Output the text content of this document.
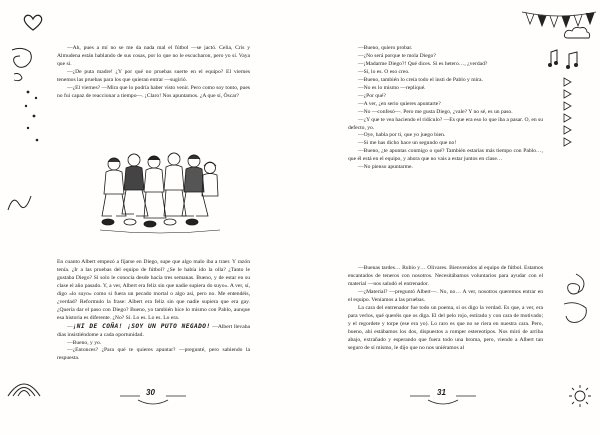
—Ah, pues a mí no se me da nada mal el fútbol —se jactó. Celia, Cris y Almudena están hablando de sus cosas, por lo que no le escucharon, pero yo sí. Vaya que sí.

—¿De puta madre! ¿Y por qué no pruebas suerte en el equipo? El viernes tenemos las pruebas para los que quieran entrar —sugirió.

—¿El viernes? —Mira que lo podría haber visto venir. Pero como soy tonto, pues no fui capaz de reaccionar a tiempo—. ¡Claro! Nos apuntamos. ¿A que sí, Óscar?

En cuanto Albert empezó a fijarse en Diego, supe que algo malo iba a traer. Y razón tenía. ¿Ir a las pruebas del equipo de fútbol? ¿Se le había ido la olla? ¿Tanto le gustaba Diego? Si solo le conocía desde hacía tres semanas. Bueno, y de estar en su clase el año pasado. Y, a ver, Albert era feliz sin que nadie supiera do suyo». A ver, sí, digo «lo suyo» como si fuera un pecado mortal o algo así, pero no. Me entendéis, ¿verdad? Reformulo la frase: Albert era feliz sin que nadie supiera que era gay. ¿Quería dar el paso con Diego? Bueno, yo también hice lo mismo con Pablo, aunque esa historia es diferente. ¿No? Sí. Lo es. Lo es. Lo era.

—¡NI DE COÑA! ¡SOY UN PUTO NEGADO! —Albert llevaba días insistiéndome a cada oportunidad.

—Bueno, y yo.

—¿Entonces? ¿Para qué te quieres apuntar? —pregunté, pero sabiendo la respuesta.

30

—Bueno, quiero probar.

—¿No será porque te mola Diego?

—¡Madarme Diego?! Qué dices. Si es hetero…, ¿verdad?

—Sí, lo es. O eso creo.

—Bueno, también lo creía todo el insti de Pablo y mira.

—No es lo mismo —repliqué.

—¿Por qué?

—A ver, ¿en serio quieres apuntarte?

—No —confesó—. Pero me gusta Diego, ¿vale? Y no sé, es un paso.

—¿Y que te vea haciendo el ridículo? —Es que era eso lo que iba a pasar. O, en su defecto, yo.

—Oye, habla por ti, que yo juego bien.

—Si me has dicho hace un segundo que no!

—Bueno, ¿te apuntas conmigo o qué? También estarías más tiempo con Pablo…, que él está en el equipo, y ahora que no vais a estar juntos en clase…

—No pienso apuntarme.

—Buenas tardes… Rubio y… Olivares. Bienvenidos al equipo de fútbol. Estamos encantados de teneros con nosotros. Necesitábamos voluntarios para ayudar con el material —nos saludó el entrenador.

—¿Material? —preguntó Albert—. No, no… A ver, nosotros queremos entrar en el equipo. Veníamos a las pruebas.

La cara del entrenador fue todo un poema, si os digo la verdad. Es que, a ver, era para verlos, qué queréis que os diga. El del pelo rojo, estirado y con cara de motivado; y el regordete y torpe (ese era yo). Lo raro es que no se riera en nuestra cara. Pero, bueno, ahí estábamos los dos, dispuestos a romper estereotipos. Nos miró de arriba abajo, extrañado y esperando que fuera todo una broma, pero, viendo a Albert tan seguro de sí mismo, le dijo que no nos uniéramos al

31
